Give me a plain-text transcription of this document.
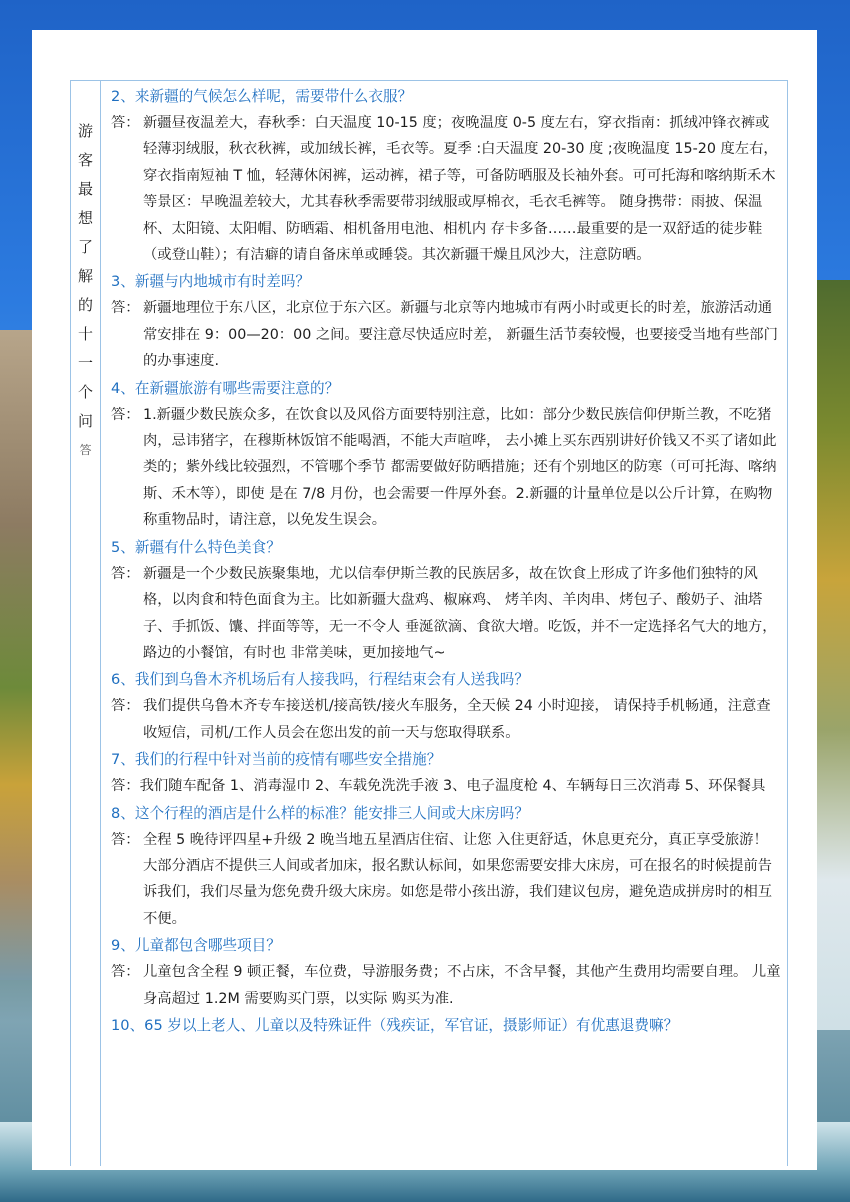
游
客
最
想
了
解
的
十
一
个
问
答
2、来新疆的气候怎么样呢，需要带什么衣服？

答： 新疆昼夜温差大，春秋季：白天温度 10-15 度；夜晚温度 0-5 度左右，穿衣指南：抓绒冲锋衣裤或轻薄羽绒服，秋衣秋裤，或加绒长裤，毛衣等。夏季 :白天温度 20-30 度 ;夜晚温度 15-20 度左右，穿衣指南短袖 T 恤，轻薄休闲裤，运动裤，裙子等，可备防晒服及长袖外套。可可托海和喀纳斯禾木等景区：早晚温差较大，尤其春秋季需要带羽绒服或厚棉衣，毛衣毛裤等。 随身携带：雨披、保温杯、太阳镜、太阳帽、防晒霜、相机备用电池、相机内 存卡多备……最重要的是一双舒适的徒步鞋（或登山鞋）；有洁癖的请自备床单或睡袋。其次新疆干燥且风沙大，注意防晒。

3、新疆与内地城市有时差吗？

答： 新疆地理位于东八区，北京位于东六区。新疆与北京等内地城市有两小时或更长的时差，旅游活动通常安排在 9：00—20：00 之间。要注意尽快适应时差， 新疆生活节奏较慢，也要接受当地有些部门的办事速度.

4、在新疆旅游有哪些需要注意的？

答： 1.新疆少数民族众多，在饮食以及风俗方面要特别注意，比如：部分少数民族信仰伊斯兰教，不吃猪肉，忌讳猪字，在穆斯林饭馆不能喝酒，不能大声喧哗， 去小摊上买东西别讲好价钱又不买了诸如此类的；紫外线比较强烈，不管哪个季节 都需要做好防晒措施；还有个别地区的防寒（可可托海、喀纳斯、禾木等），即使 是在 7/8 月份，也会需要一件厚外套。2.新疆的计量单位是以公斤计算，在购物称重物品时，请注意，以免发生误会。

5、新疆有什么特色美食？

答： 新疆是一个少数民族聚集地，尤以信奉伊斯兰教的民族居多，故在饮食上形成了许多他们独特的风格，以肉食和特色面食为主。比如新疆大盘鸡、椒麻鸡、 烤羊肉、羊肉串、烤包子、酸奶子、油塔子、手抓饭、馕、拌面等等，无一不令人 垂涎欲滴、食欲大增。吃饭，并不一定选择名气大的地方，路边的小餐馆，有时也 非常美味，更加接地气~

6、我们到乌鲁木齐机场后有人接我吗，行程结束会有人送我吗？

答： 我们提供乌鲁木齐专车接送机/接高铁/接火车服务，全天候 24 小时迎接， 请保持手机畅通，注意查收短信，司机/工作人员会在您出发的前一天与您取得联系。

7、我们的行程中针对当前的疫情有哪些安全措施？

答：我们随车配备 1、消毒湿巾 2、车载免洗洗手液 3、电子温度枪 4、车辆每日三次消毒 5、环保餐具

8、这个行程的酒店是什么样的标准？能安排三人间或大床房吗？

答： 全程 5 晚待评四星+升级 2 晚当地五星酒店住宿、让您 入住更舒适，休息更充分，真正享受旅游！大部分酒店不提供三人间或者加床，报名默认标间，如果您需要安排大床房，可在报名的时候提前告诉我们，我们尽量为您免费升级大床房。如您是带小孩出游，我们建议包房，避免造成拼房时的相互不便。

9、儿童都包含哪些项目？

答： 儿童包含全程 9 顿正餐，车位费，导游服务费；不占床，不含早餐，其他产生费用均需要自理。 儿童身高超过 1.2M 需要购买门票，以实际 购买为准.

10、65 岁以上老人、儿童以及特殊证件（残疾证，军官证，摄影师证）有优惠退费嘛？
